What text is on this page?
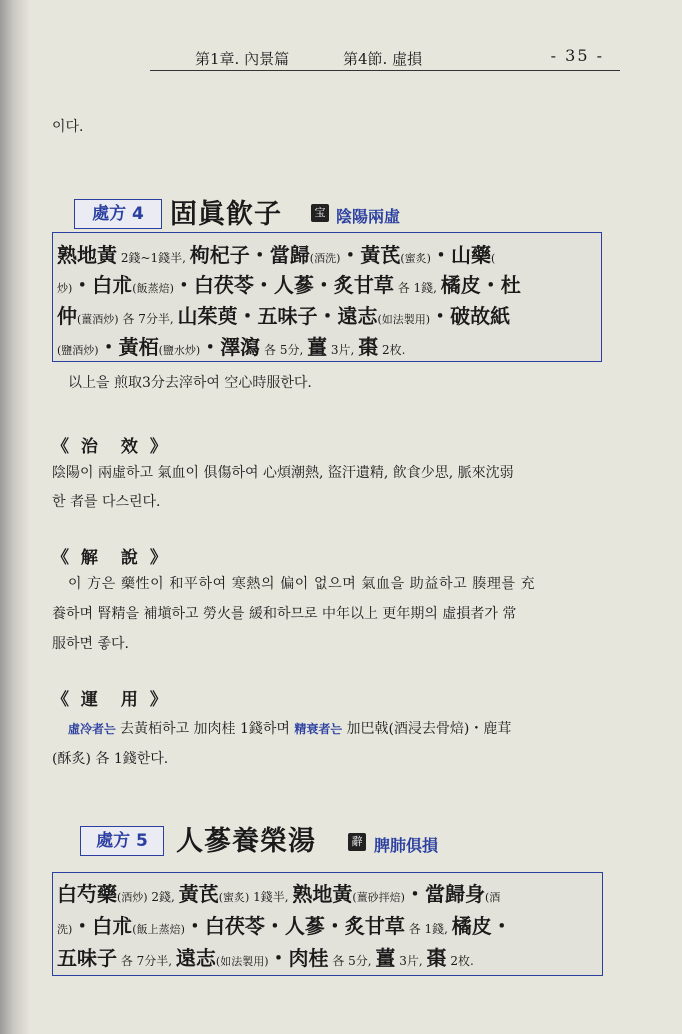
第1章. 內景篇	第4節. 虛損	- 35 -
이다.
處方 4 固眞飮子	宝 陰陽兩虛
熟地黃 2錢~1錢半, 枸杞子・當歸(酒洗)・黃芪(蜜炙)・山藥(
炒)・白朮(飯蒸焙)・白茯苓・人蔘・炙甘草 各 1錢, 橘皮・杜
仲(薑酒炒) 各 7分半, 山茱萸・五味子・遠志(如法製用)・破故紙
(鹽酒炒)・黃栢(鹽水炒)・澤瀉 各 5分, 薑 3片, 棗 2枚.
以上을 煎取3分去滓하여 空心時服한다.
《 治　效 》
陰陽이 兩虛하고 氣血이 俱傷하여 心煩潮熱, 盜汗遺精, 飮食少思, 脈來沈弱
한 者를 다스린다.
《 解　說 》
이 方은 藥性이 和平하여 寒熱의 偏이 없으며 氣血을 助益하고 腠理를 充
養하며 腎精을 補塡하고 勞火를 緩和하므로 中年以上 更年期의 虛損者가 常
服하면 좋다.
《 運　用 》
虛冷者는 去黃栢하고 加肉桂 1錢하며 精衰者는 加巴戟(酒浸去骨焙)・鹿茸
(酥炙) 各 1錢한다.
處方 5	人蔘養榮湯	辭 脾肺俱損
白芍藥(酒炒) 2錢, 黃芪(蜜炙) 1錢半, 熟地黃(薑砂拌焙)・當歸身(酒
洗)・白朮(飯上蒸焙)・白茯苓・人蔘・炙甘草 各 1錢, 橘皮・
五味子 各 7分半, 遠志(如法製用)・肉桂 各 5分, 薑 3片, 棗 2枚.
